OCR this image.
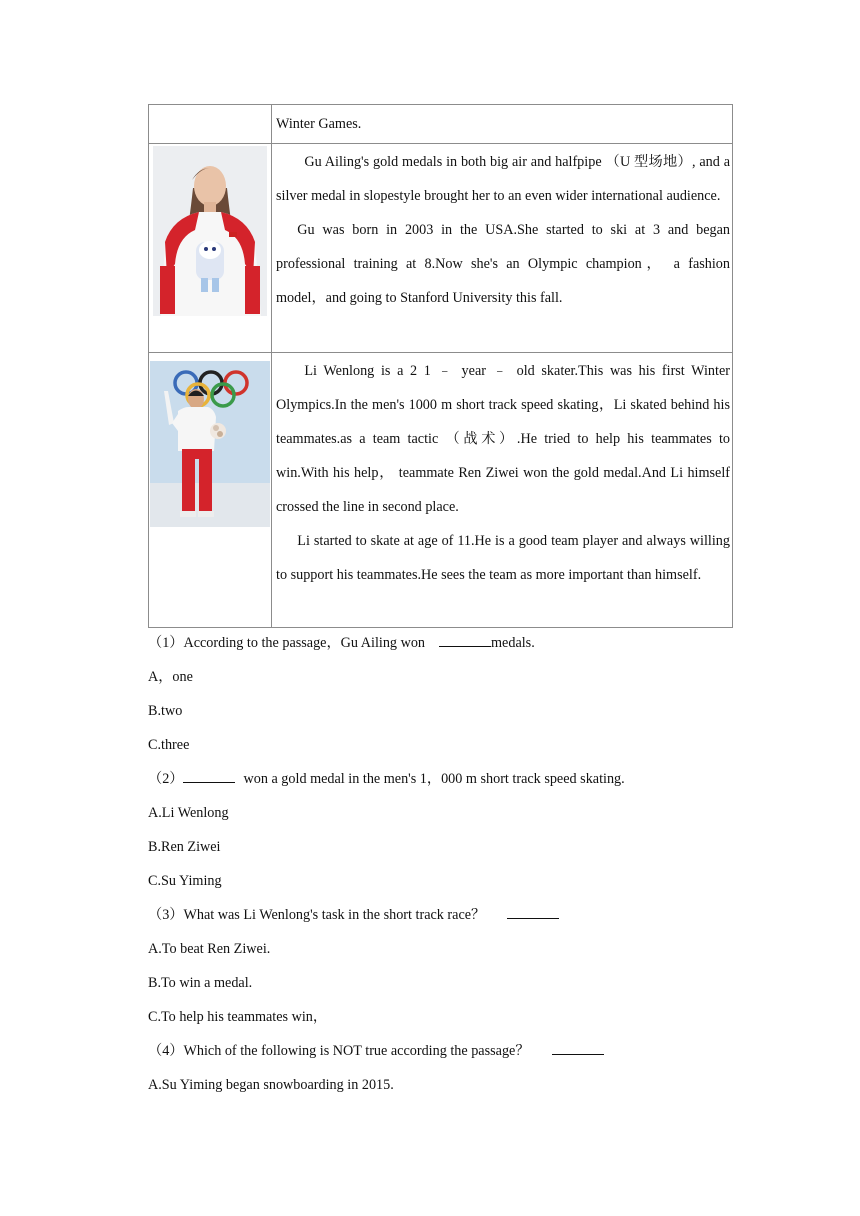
	Winter Games.

Gu Ailing's gold medals in both big air and halfpipe （U 型场地）, and a silver medal in slopestyle brought her to an even wider international audience.

Gu was born in 2003 in the USA.She started to ski at 3 and began professional training at 8.Now she's an Olympic champion， a fashion model，and going to Stanford University this fall.

Li Wenlong is a 2 1 ﹣ year ﹣ old skater.This was his first Winter Olympics.In the men's 1000 m short track speed skating，Li skated behind his teammates.as a team tactic （战术）.He tried to help his teammates to win.With his help， teammate Ren Ziwei won the gold medal.And Li himself crossed the line in second place.

Li started to skate at age of 11.He is a good team player and always willing to support his teammates.He sees the team as more important than himself.

（1）According to the passage，Gu Ailing won	medals.
A，one
B.two
C.three
（2）	won a gold medal in the men's 1，000 m short track speed skating.
A.Li Wenlong
B.Ren Ziwei
C.Su Yiming
（3）What was Li Wenlong's task in the short track race？
A.To beat Ren Ziwei.
B.To win a medal.
C.To help his teammates win，
（4）Which of the following is NOT true according the passage？
A.Su Yiming began snowboarding in 2015.
